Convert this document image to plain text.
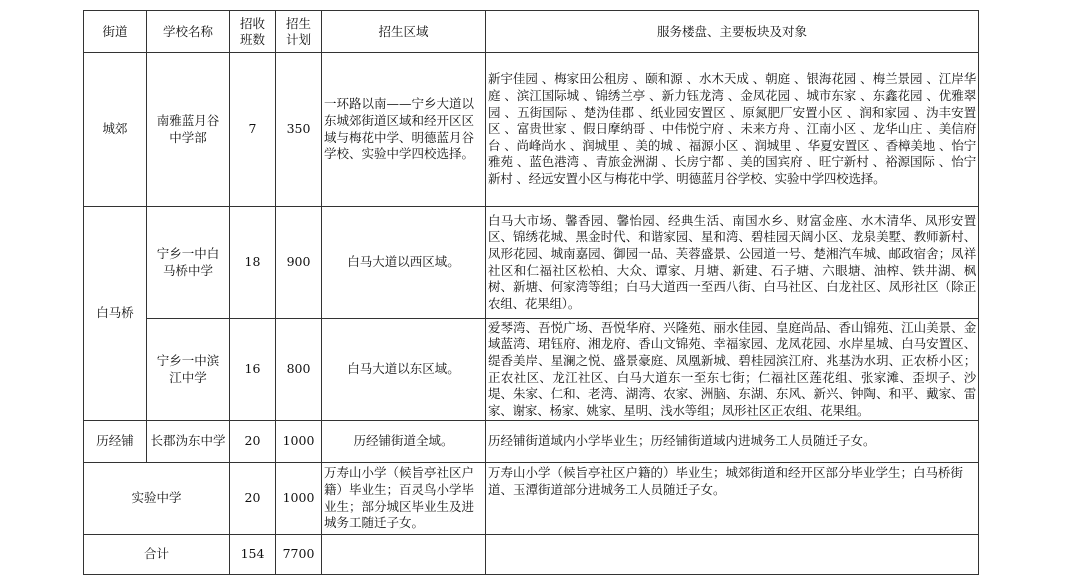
街道	学校名称	招收班数	招生计划	招生区域	服务楼盘、主要板块及对象
城郊	南雅蓝月谷中学部	7	350	一环路以南——宁乡大道以东城郊街道区域和经开区区域与梅花中学、明德蓝月谷学校、实验中学四校选择。	新宇佳园 、梅家田公租房 、颐和源 、水木天成 、朝庭 、银海花园 、梅兰景园 、江岸华庭 、滨江国际城 、锦绣兰亭 、新力钰龙湾 、金凤花园 、城市东家 、东鑫花园 、优雅翠园 、五街国际 、楚沩佳郡 、纸业园安置区 、原氮肥厂安置小区 、润和家园 、沩丰安置区 、富贵世家 、假日摩纳哥 、中伟悦宁府 、未来方舟 、江南小区 、龙华山庄 、美信府台 、尚峰尚水 、润城里 、美的城 、福源小区 、润城里 、华夏安置区 、香樟美地 、怡宁雅苑 、蓝色港湾 、青旅金洲湖 、长房宁都 、美的国宾府 、旺宁新村 、裕源国际 、怡宁新村 、经远安置小区与梅花中学、明德蓝月谷学校、实验中学四校选择。
白马桥	宁乡一中白马桥中学	18	900	白马大道以西区域。	白马大市场、馨香园、馨怡园、经典生活、南国水乡、财富金座、水木清华、凤形安置区、锦绣花城、黑金时代、和谐家园、星和湾、碧桂园天阔小区、龙泉美墅、教师新村、凤形花园、城南嘉园、御园一品、芙蓉盛景、公园道一号、楚湘汽车城、邮政宿舍；凤祥社区和仁福社区松柏、大众、谭家、月塘、新建、石子塘、六眼塘、油榨、铁井湖、枫树、新塘、何家湾等组；白马大道西一至西八街、白马社区、白龙社区、凤形社区（除正农组、花果组）。
	宁乡一中滨江中学	16	800	白马大道以东区域。	爱琴湾、吾悦广场、吾悦华府、兴隆苑、丽水佳园、皇庭尚品、香山锦苑、江山美景、金域蓝湾、珺钰府、湘龙府、香山文锦苑、幸福家园、龙凤花园、水岸星城、白马安置区、缇香美岸、星澜之悦、盛景豪庭、凤凰新城、碧桂园滨江府、兆基沩水玥、正农桥小区；正农社区、龙江社区、白马大道东一至东七街；仁福社区莲花组、张家滩、歪坝子、沙堤、朱家、仁和、老湾、湖湾、农家、洲脑、东湖、东风、新兴、钟陶、和平、戴家、雷家、谢家、杨家、姚家、星明、浅水等组；凤形社区正农组、花果组。
历经铺	长郡沩东中学	20	1000	历经铺街道全域。	历经铺街道域内小学毕业生；历经铺街道域内进城务工人员随迁子女。
实验中学		20	1000	万寿山小学（候旨亭社区户籍）毕业生；百灵鸟小学毕业生；部分城区毕业生及进城务工随迁子女。	万寿山小学（候旨亭社区户籍的）毕业生；城郊街道和经开区部分毕业学生；白马桥街道、玉潭街道部分进城务工人员随迁子女。
合计		154	7700		
